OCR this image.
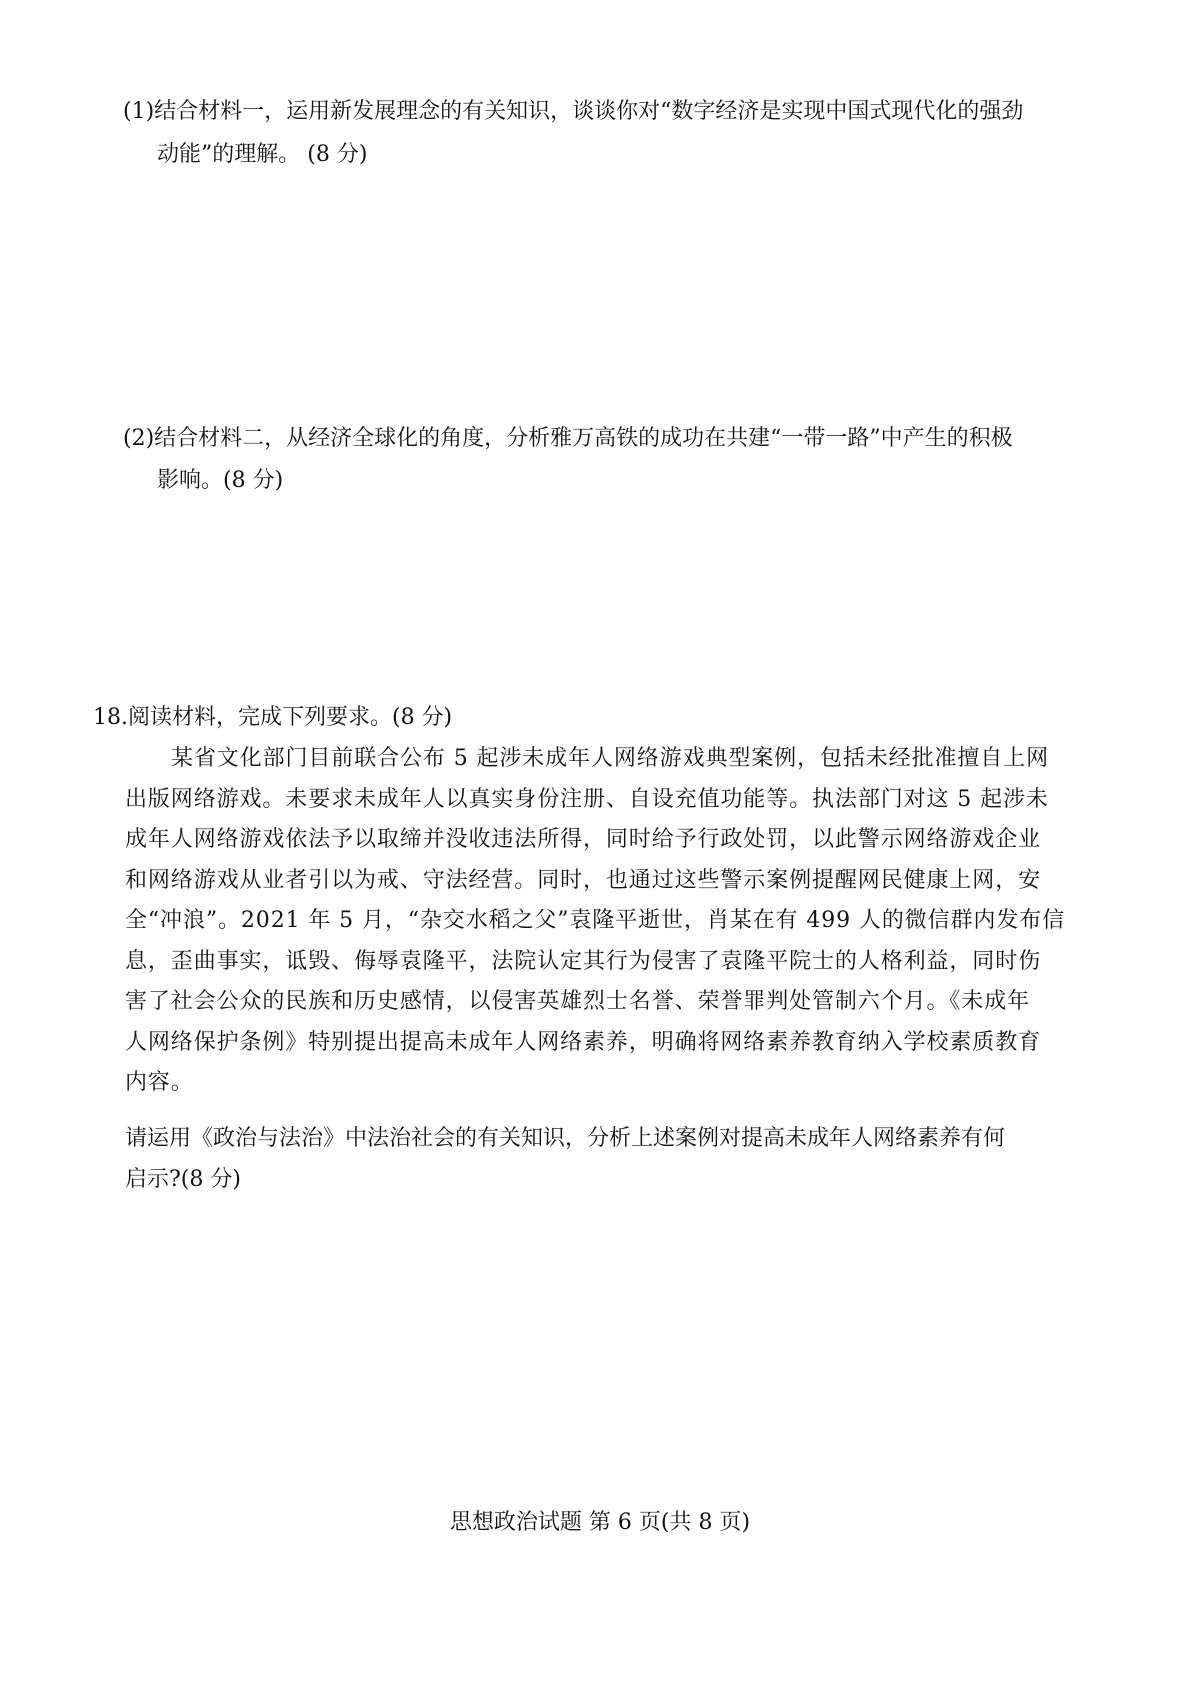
(1)结合材料一，运用新发展理念的有关知识，谈谈你对“数字经济是实现中国式现代化的强劲
动能”的理解。 (8 分)
(2)结合材料二，从经济全球化的角度，分析雅万高铁的成功在共建“一带一路”中产生的积极
影响。(8 分)
18.阅读材料，完成下列要求。(8 分)
某省文化部门目前联合公布 5 起涉未成年人网络游戏典型案例，包括未经批准擅自上网
出版网络游戏。未要求未成年人以真实身份注册、自设充值功能等。执法部门对这 5 起涉未
成年人网络游戏依法予以取缔并没收违法所得，同时给予行政处罚，以此警示网络游戏企业
和网络游戏从业者引以为戒、守法经营。同时，也通过这些警示案例提醒网民健康上网，安
全“冲浪”。2021 年 5 月，“杂交水稻之父”袁隆平逝世，肖某在有 499 人的微信群内发布信
息，歪曲事实，诋毁、侮辱袁隆平，法院认定其行为侵害了袁隆平院士的人格利益，同时伤
害了社会公众的民族和历史感情，以侵害英雄烈士名誉、荣誉罪判处管制六个月。《未成年
人网络保护条例》特别提出提高未成年人网络素养，明确将网络素养教育纳入学校素质教育
内容。
请运用《政治与法治》中法治社会的有关知识，分析上述案例对提高未成年人网络素养有何
启示?(8 分)
思想政治试题 第 6 页(共 8 页)
